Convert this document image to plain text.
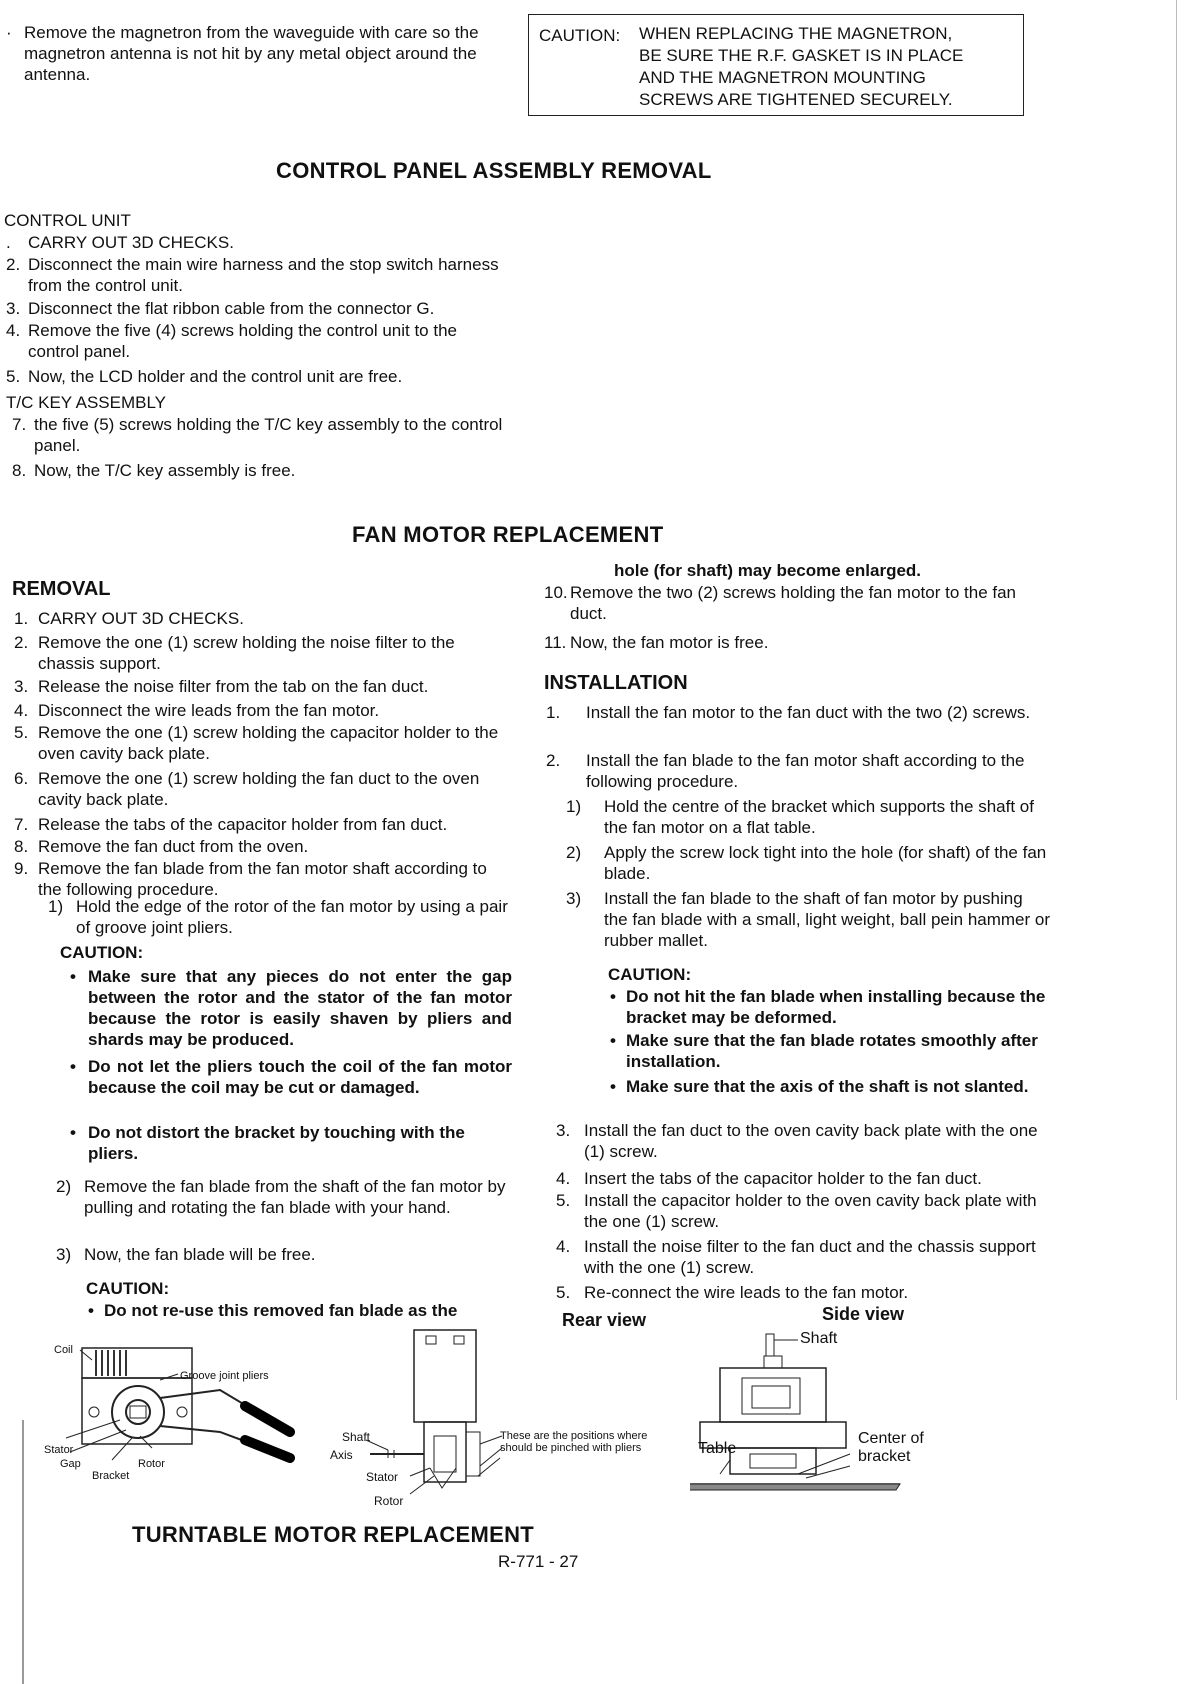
· Remove the magnetron from the waveguide with care so the magnetron antenna is not hit by any metal object around the antenna.
CAUTION: WHEN REPLACING THE MAGNETRON,
BE SURE THE R.F. GASKET IS IN PLACE
AND THE MAGNETRON MOUNTING
SCREWS ARE TIGHTENED SECURELY.
CONTROL PANEL ASSEMBLY REMOVAL
CONTROL UNIT
.	CARRY OUT 3D CHECKS.
2. Disconnect the main wire harness and the stop switch harness from the control unit.
3. Disconnect the flat ribbon cable from the connector G.
4. Remove the five (4) screws holding the control unit to the control panel.
5. Now, the LCD holder and the control unit are free.
T/C KEY ASSEMBLY
7. the five (5) screws holding the T/C key assembly to the control panel.
8. Now, the T/C key assembly is free.
FAN MOTOR REPLACEMENT
REMOVAL
1. CARRY OUT 3D CHECKS.
2. Remove the one (1) screw holding the noise filter to the chassis support.
3. Release the noise filter from the tab on the fan duct.
4. Disconnect the wire leads from the fan motor.
5. Remove the one (1) screw holding the capacitor holder to the oven cavity back plate.
6. Remove the one (1) screw holding the fan duct to the oven cavity back plate.
7. Release the tabs of the capacitor holder from fan duct.
8. Remove the fan duct from the oven.
9. Remove the fan blade from the fan motor shaft according to the following procedure.
1) Hold the edge of the rotor of the fan motor by using a pair of groove joint pliers.
CAUTION:
• Make sure that any pieces do not enter the gap between the rotor and the stator of the fan motor because the rotor is easily shaven by pliers and shards may be produced.
• Do not let the pliers touch the coil of the fan motor because the coil may be cut or damaged.
• Do not distort the bracket by touching with the pliers.
2) Remove the fan blade from the shaft of the fan motor by pulling and rotating the fan blade with your hand.
3) Now, the fan blade will be free.
CAUTION:
• Do not re-use this removed fan blade as the
hole (for shaft) may become enlarged.
10. Remove the two (2) screws holding the fan motor to the fan duct.
11. Now, the fan motor is free.
INSTALLATION
1.	Install the fan motor to the fan duct with the two (2) screws.
2.	Install the fan blade to the fan motor shaft according to the following procedure.
1)	Hold the centre of the bracket which supports the shaft of the fan motor on a flat table.
2)	Apply the screw lock tight into the hole (for shaft) of the fan blade.
3)	Install the fan blade to the shaft of fan motor by pushing the fan blade with a small, light weight, ball pein hammer or rubber mallet.
CAUTION:
• Do not hit the fan blade when installing because the bracket may be deformed.
• Make sure that the fan blade rotates smoothly after installation.
• Make sure that the axis of the shaft is not slanted.
3. Install the fan duct to the oven cavity back plate with the one (1) screw.
4. Insert the tabs of the capacitor holder to the fan duct.
5. Install the capacitor holder to the oven cavity back plate with the one (1) screw.
4. Install the noise filter to the fan duct and the chassis support with the one (1) screw.
5. Re-connect the wire leads to the fan motor.
Rear view	Side view
Coil
Groove joint pliers
Stator
Gap	Rotor
Bracket
Shaft
Axis
Stator
Rotor
These are the positions where should be pinched with pliers
Shaft
Table
Center of bracket
TURNTABLE MOTOR REPLACEMENT
R-771 - 27
